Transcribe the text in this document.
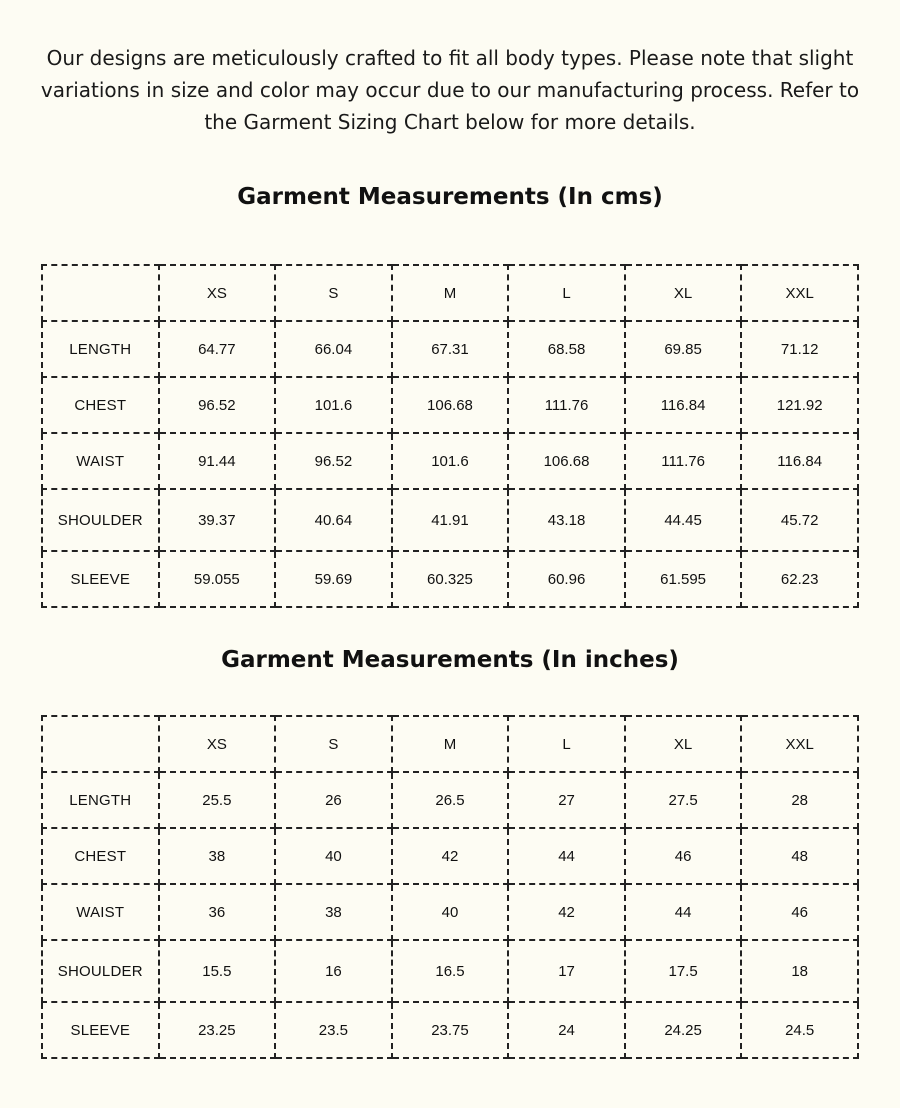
Our designs are meticulously crafted to fit all body types. Please note that slight variations in size and color may occur due to our manufacturing process. Refer to the Garment Sizing Chart below for more details.

Garment Measurements (In cms)
	XS	S	M	L	XL	XXL
LENGTH	64.77	66.04	67.31	68.58	69.85	71.12
CHEST	96.52	101.6	106.68	111.76	116.84	121.92
WAIST	91.44	96.52	101.6	106.68	111.76	116.84
SHOULDER	39.37	40.64	41.91	43.18	44.45	45.72
SLEEVE	59.055	59.69	60.325	60.96	61.595	62.23
Garment Measurements (In inches)
	XS	S	M	L	XL	XXL
LENGTH	25.5	26	26.5	27	27.5	28
CHEST	38	40	42	44	46	48
WAIST	36	38	40	42	44	46
SHOULDER	15.5	16	16.5	17	17.5	18
SLEEVE	23.25	23.5	23.75	24	24.25	24.5
